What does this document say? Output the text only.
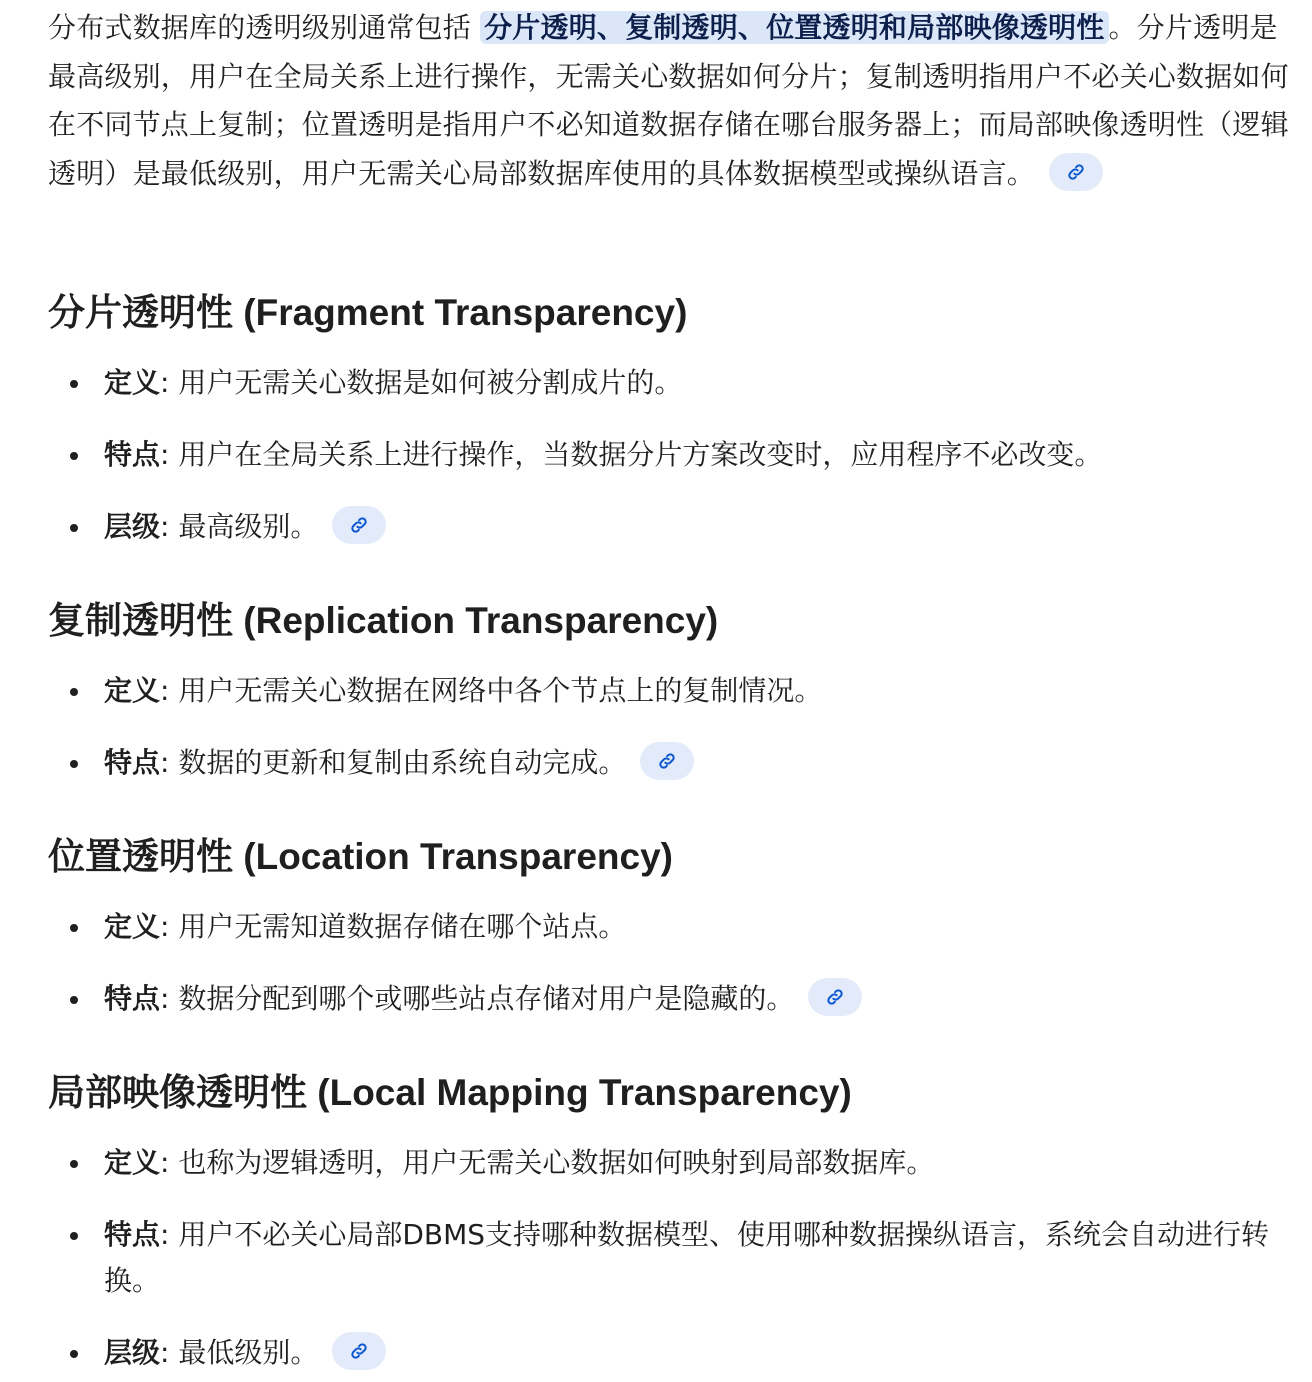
分布式数据库的透明级别通常包括 分片透明、复制透明、位置透明和局部映像透明性 。分片透明是最高级别，用户在全局关系上进行操作，无需关心数据如何分片；复制透明指用户不必关心数据如何在不同节点上复制；位置透明是指用户不必知道数据存储在哪台服务器上；而局部映像透明性（逻辑透明）是最低级别，用户无需关心局部数据库使用的具体数据模型或操纵语言。

分片透明性 (Fragment Transparency)
定义: 用户无需关心数据是如何被分割成片的。
特点: 用户在全局关系上进行操作，当数据分片方案改变时，应用程序不必改变。
层级: 最高级别。
复制透明性 (Replication Transparency)
定义: 用户无需关心数据在网络中各个节点上的复制情况。
特点: 数据的更新和复制由系统自动完成。
位置透明性 (Location Transparency)
定义: 用户无需知道数据存储在哪个站点。
特点: 数据分配到哪个或哪些站点存储对用户是隐藏的。
局部映像透明性 (Local Mapping Transparency)
定义: 也称为逻辑透明，用户无需关心数据如何映射到局部数据库。
特点: 用户不必关心局部DBMS支持哪种数据模型、使用哪种数据操纵语言，系统会自动进行转换。
层级: 最低级别。
